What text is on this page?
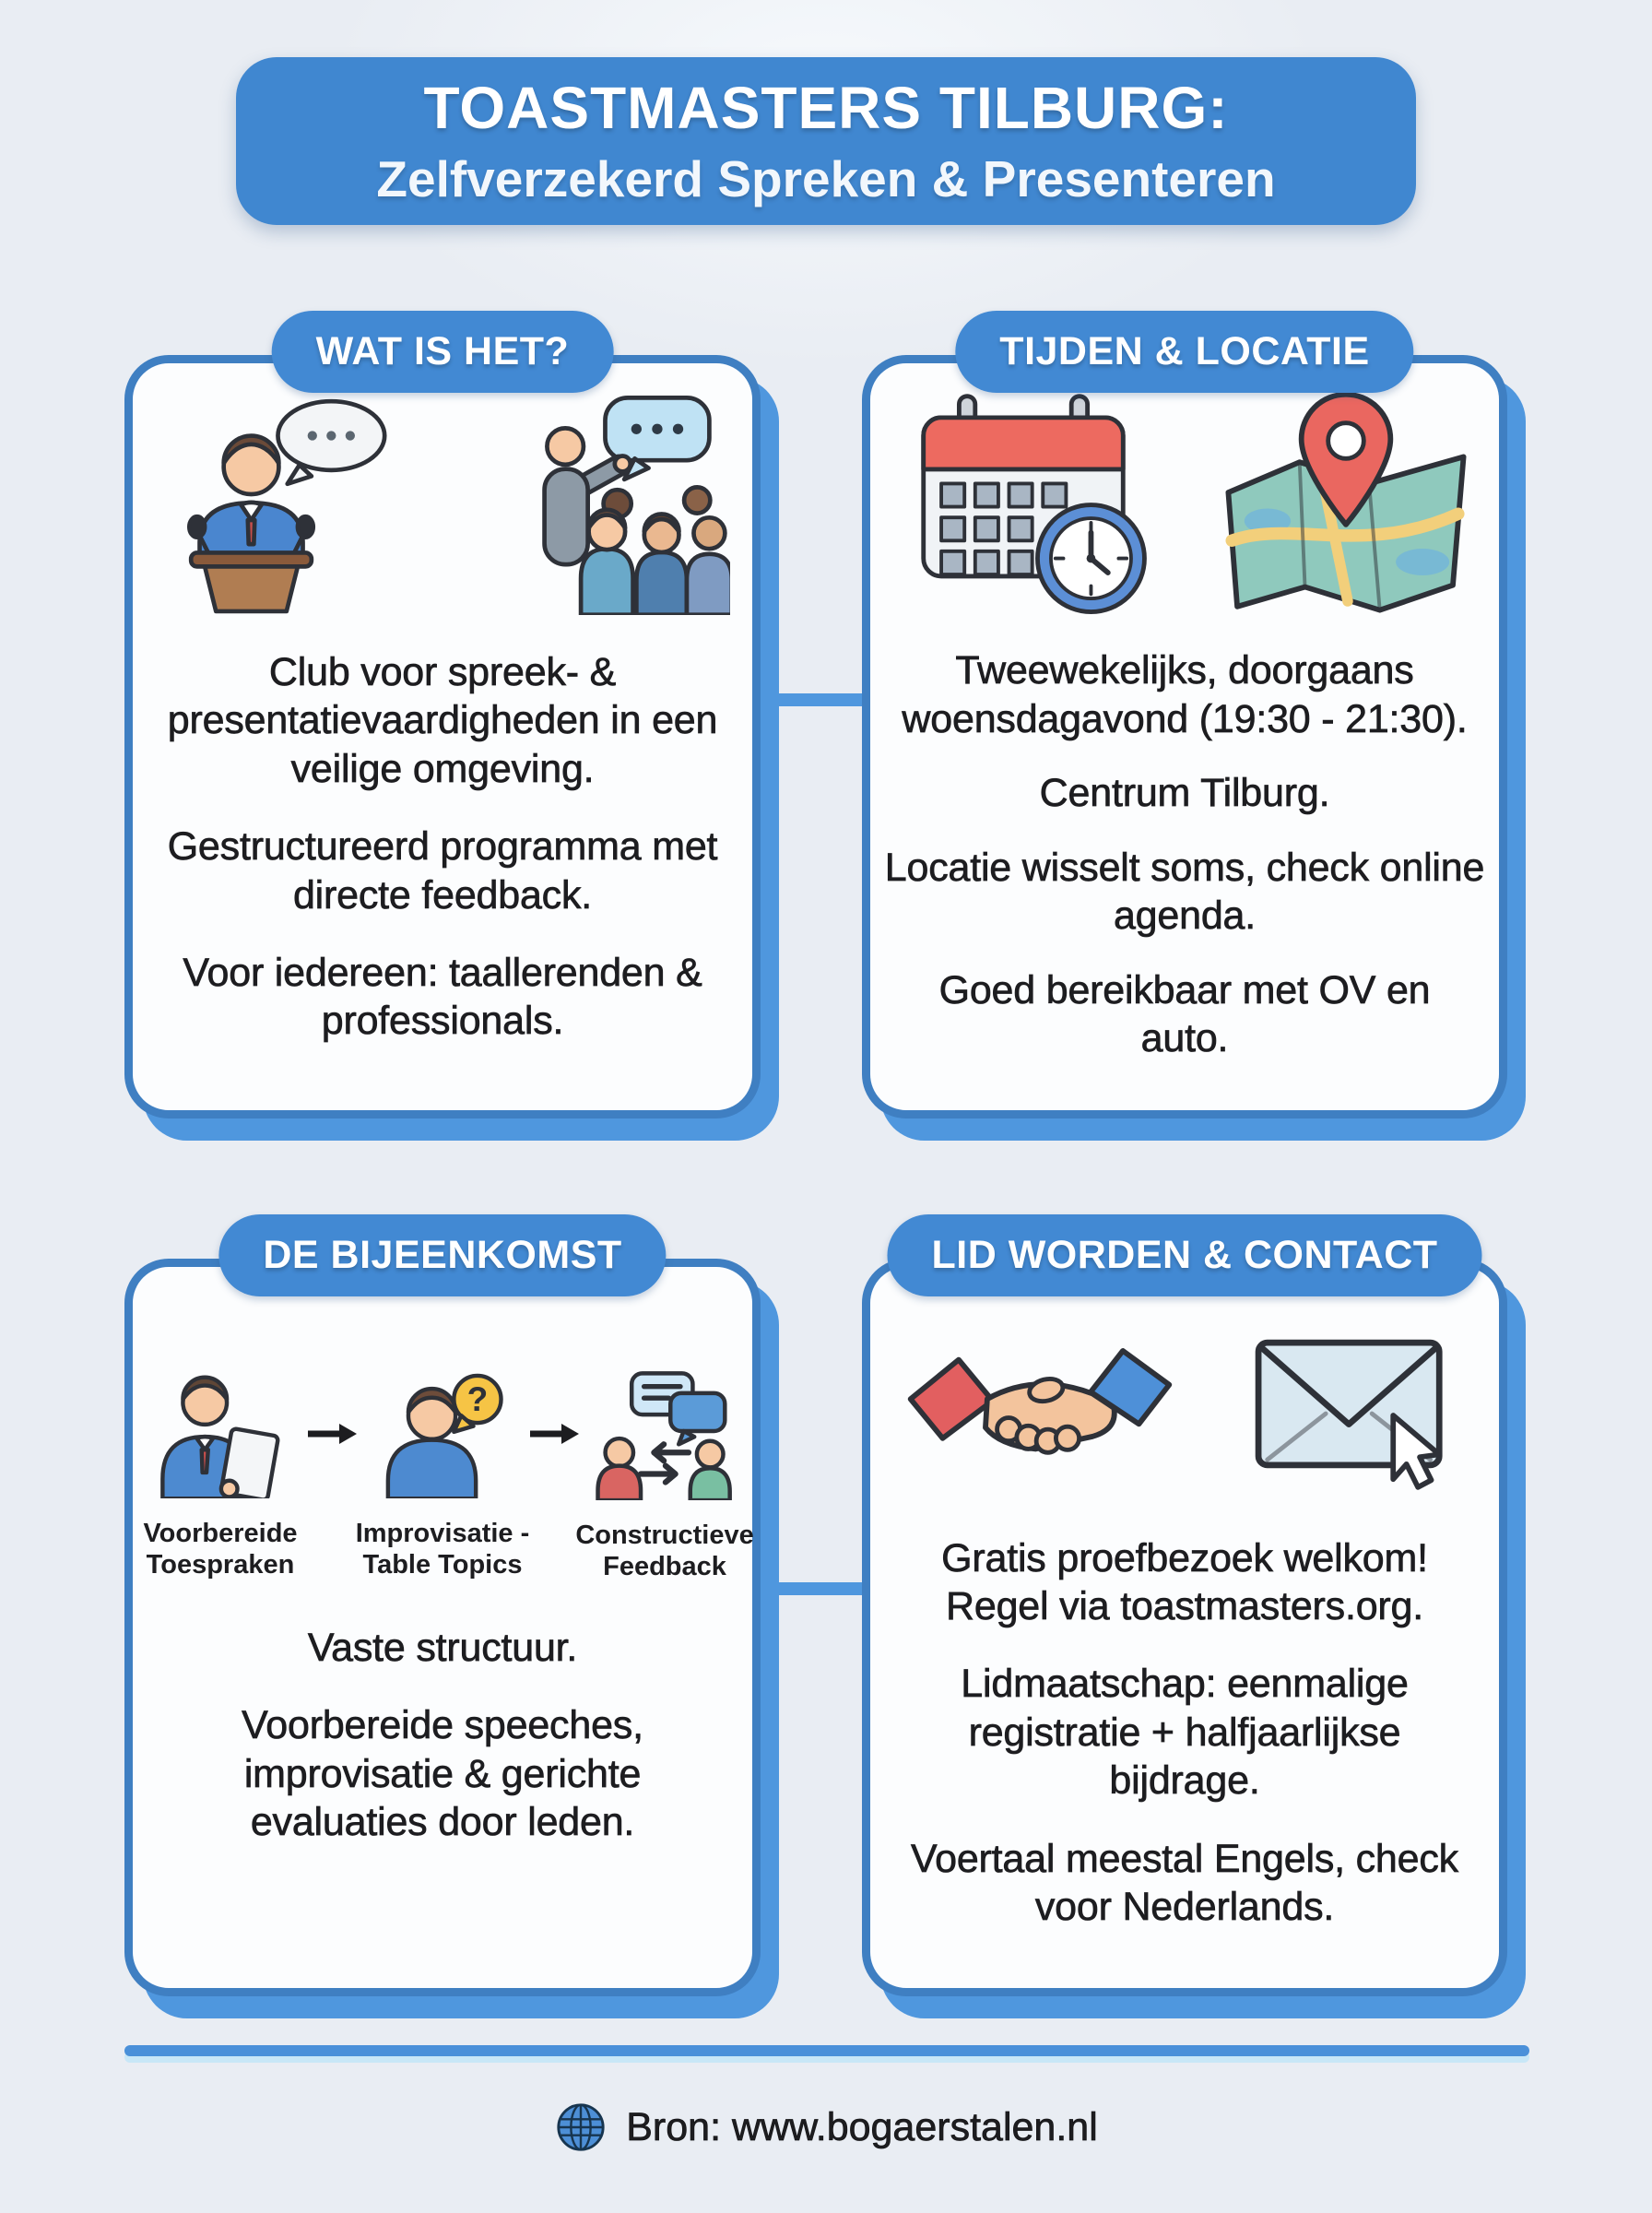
TOASTMASTERS TILBURG:
Zelfverzekerd Spreken & Presenteren
WAT IS HET?

Club voor spreek- & presentatievaardigheden in een veilige omgeving.

Gestructureerd programma met directe feedback.

Voor iedereen: taallerenden & professionals.

TIJDEN & LOCATIE

Tweewekelijks, doorgaans woensdagavond (19:30 - 21:30).

Centrum Tilburg.

Locatie wisselt soms, check online agenda.

Goed bereikbaar met OV en auto.

DE BIJEENKOMST
Voorbereide
Toespraken
?
Improvisatie -
Table Topics
Constructieve
Feedback

Vaste structuur.

Voorbereide speeches, improvisatie & gerichte evaluaties door leden.

LID WORDEN & CONTACT

Gratis proefbezoek welkom! Regel via toastmasters.org.

Lidmaatschap: eenmalige registratie + halfjaarlijkse bijdrage.

Voertaal meestal Engels, check voor Nederlands.

Bron: www.bogaerstalen.nl
